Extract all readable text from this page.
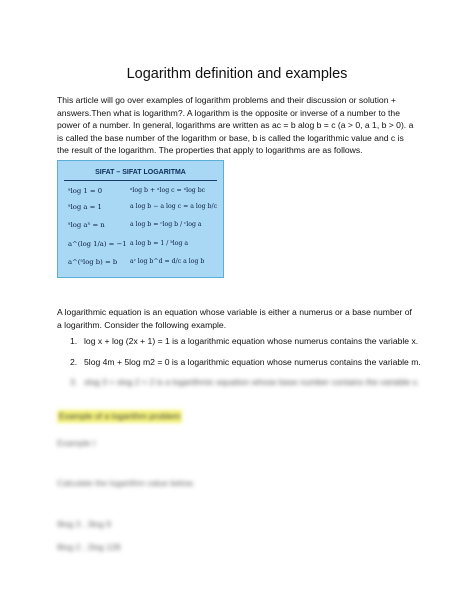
Logarithm definition and examples
This article will go over examples of logarithm problems and their discussion or solution + answers.Then what is logarithm?. A logarithm is the opposite or inverse of a number to the power of a number. In general, logarithms are written as ac = b alog b = c (a > 0, a 1, b > 0). a is called the base number of the logarithm or base, b is called the logarithmic value and c is the result of the logarithm. The properties that apply to logarithms are as follows.
SIFAT – SIFAT LOGARITMA
ᵃlog 1 = 0
ᵃlog a = 1
ᵃlog aⁿ = n
a^(log 1/a) = −1
a^(ᵃlog b) = b
ᵃlog b + ᵃlog c = ᵃlog bc
a log b − a log c = a log b/c
a log b = ᶜlog b / ᶜlog a
a log b = 1 / ᵇlog a
aᶜ log b^d = d/c a log b
A logarithmic equation is an equation whose variable is either a numerus or a base number of a logarithm. Consider the following example.
1. log x + log (2x + 1) = 1 is a logarithmic equation whose numerus contains the variable x.
2. 5log 4m + 5log m2 = 0 is a logarithmic equation whose numerus contains the variable m.
3. xlog 3 + xlog 2 = 2 is a logarithmic equation whose base number contains the variable x.
Example of a logarithm problem
Example I
Calculate the logarithm value below.
9log 3 , 3log 9
8log 2 , 2log 128
